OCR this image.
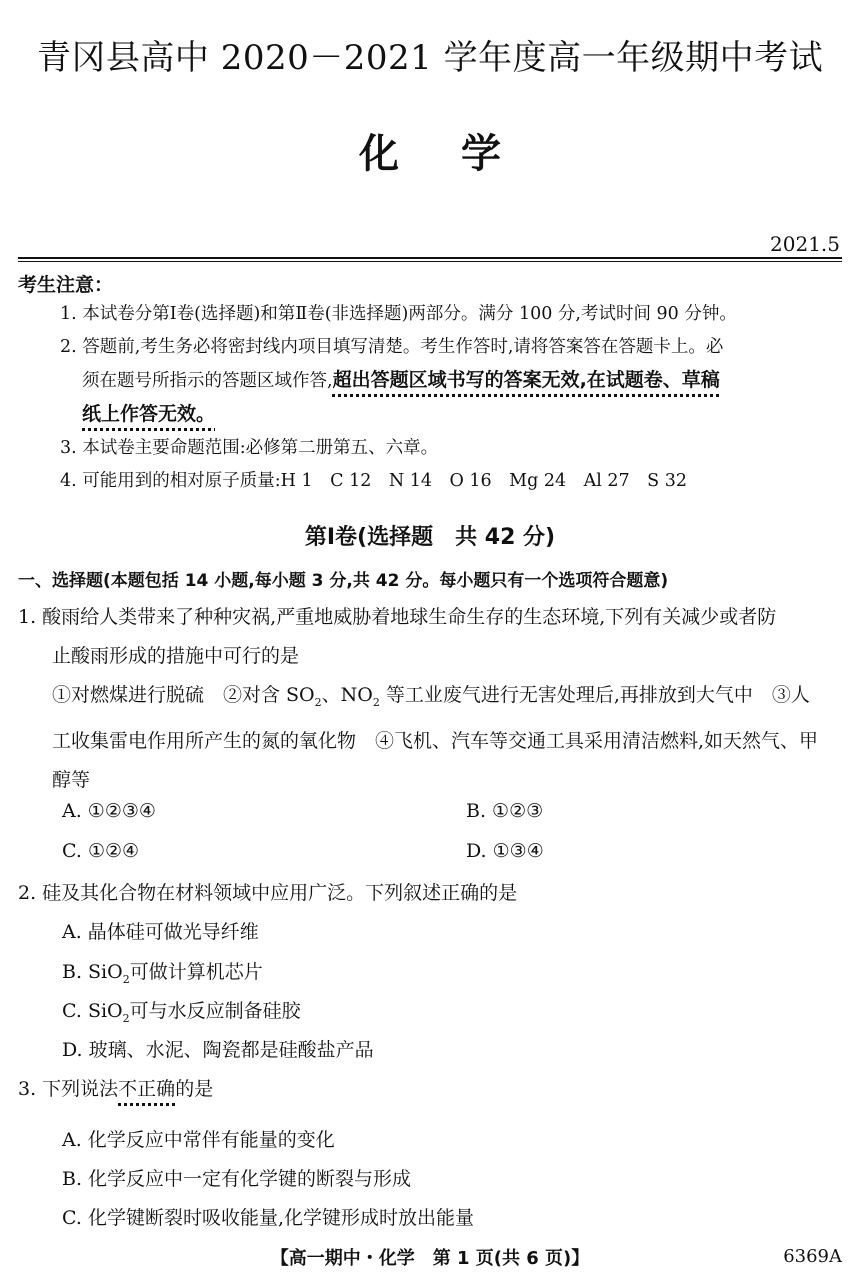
青冈县高中 2020－2021 学年度高一年级期中考试
化学
2021.5
考生注意：

1. 本试卷分第Ⅰ卷(选择题)和第Ⅱ卷(非选择题)两部分。满分 100 分,考试时间 90 分钟。

2. 答题前,考生务必将密封线内项目填写清楚。考生作答时,请将答案答在答题卡上。必

须在题号所指示的答题区域作答,超出答题区域书写的答案无效,在试题卷、草稿

纸上作答无效。

3. 本试卷主要命题范围:必修第二册第五、六章。

4. 可能用到的相对原子质量:H 1　C 12　N 14　O 16　Mg 24　Al 27　S 32

第Ⅰ卷(选择题　共 42 分)
一、选择题(本题包括 14 小题,每小题 3 分,共 42 分。每小题只有一个选项符合题意)

1. 酸雨给人类带来了种种灾祸,严重地威胁着地球生命生存的生态环境,下列有关减少或者防

止酸雨形成的措施中可行的是

①对燃煤进行脱硫　②对含 $SO_2$、$NO_2$ 等工业废气进行无害处理后,再排放到大气中　③人

工收集雷电作用所产生的氮的氧化物　④飞机、汽车等交通工具采用清洁燃料,如天然气、甲

醇等

A. ①②③④	B. ①②③
C. ①②④	D. ①③④
2. 硅及其化合物在材料领域中应用广泛。下列叙述正确的是
A. 晶体硅可做光导纤维
B. SiO$_2$可做计算机芯片
C. SiO$_2$可与水反应制备硅胶
D. 玻璃、水泥、陶瓷都是硅酸盐产品
3. 下列说法不正确的是
A. 化学反应中常伴有能量的变化
B. 化学反应中一定有化学键的断裂与形成
C. 化学键断裂时吸收能量,化学键形成时放出能量
【高一期中・化学　第 1 页(共 6 页)】	6369A
